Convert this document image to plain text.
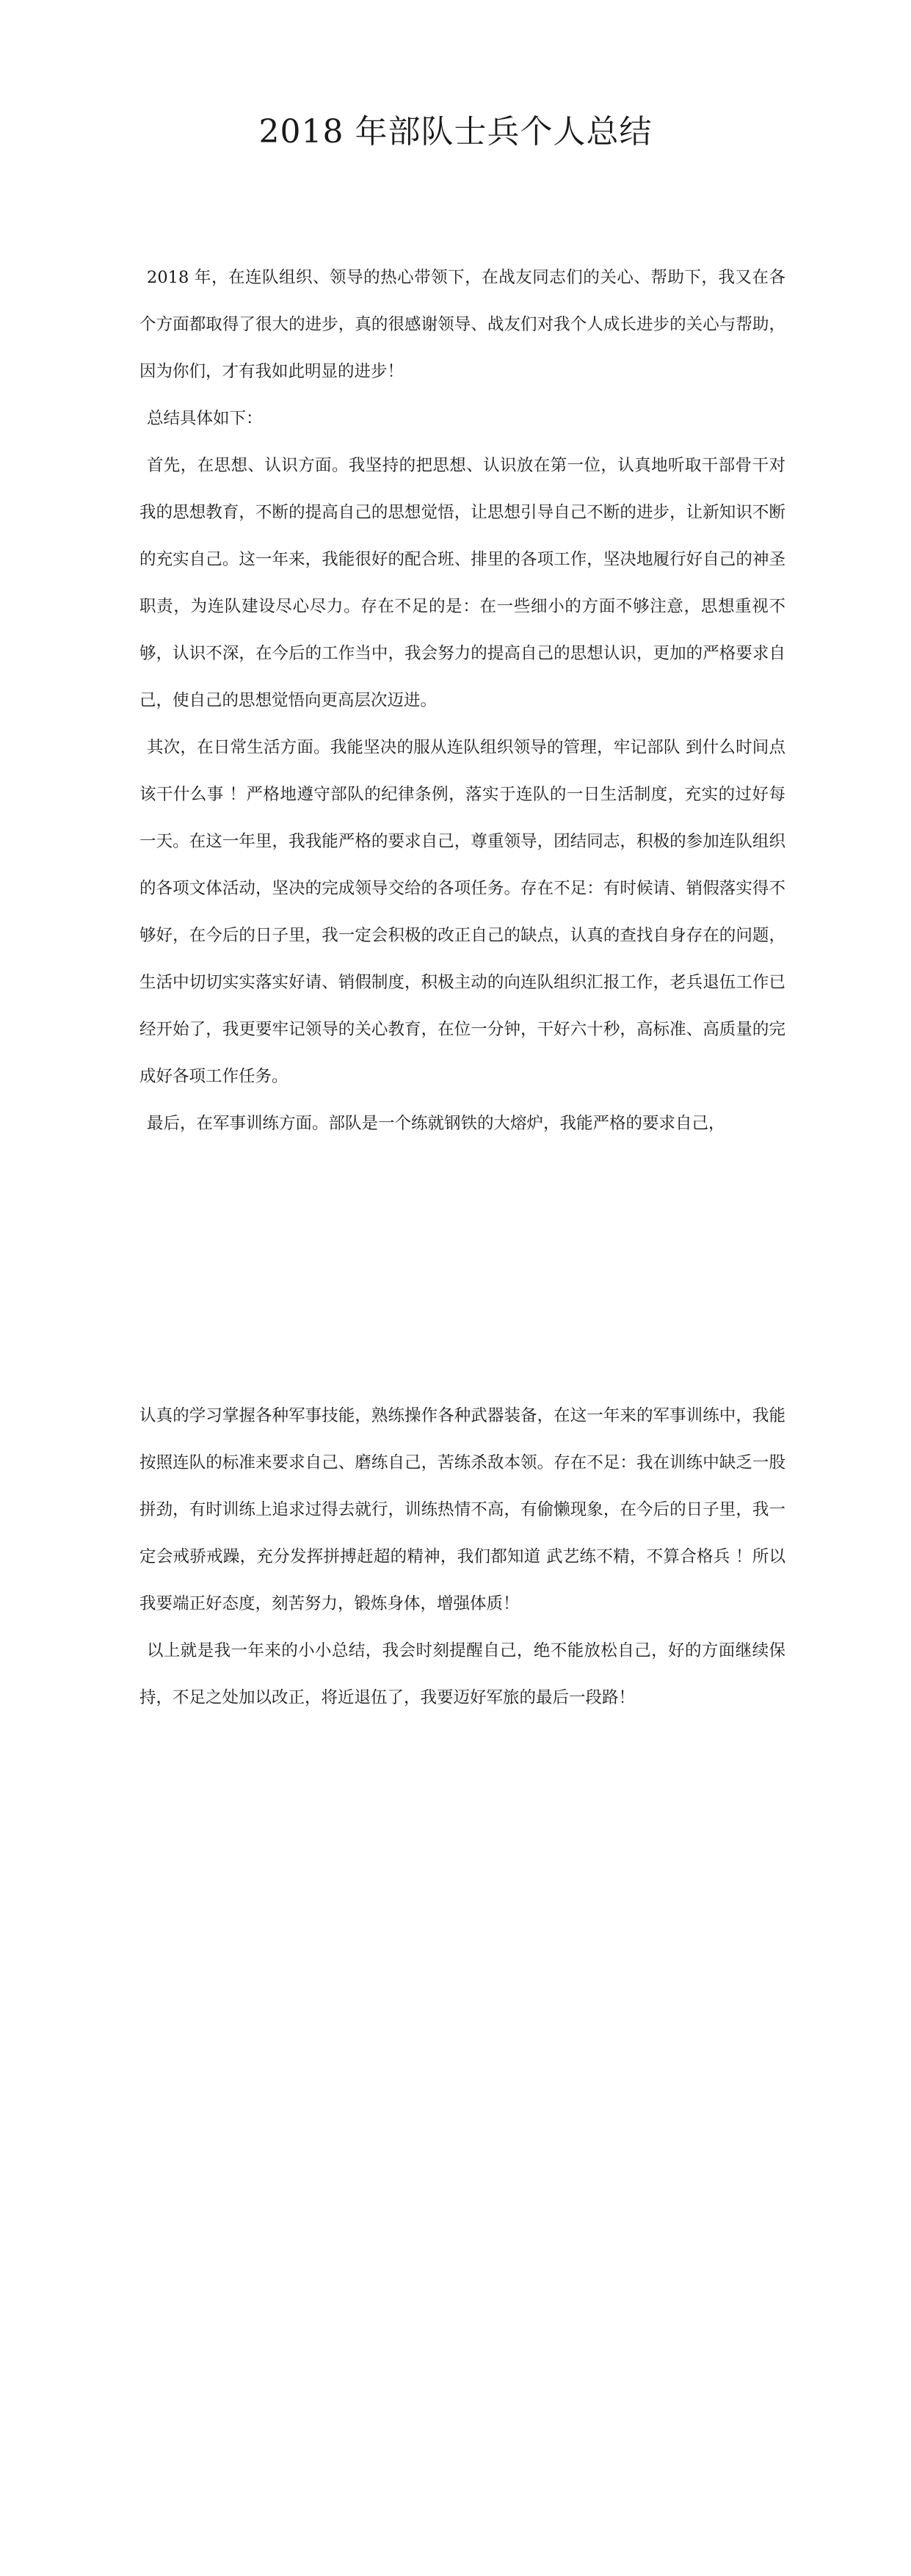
2018 年部队士兵个人总结

2018 年，在连队组织、领导的热心带领下，在战友同志们的关心、帮助下，我又在各个方面都取得了很大的进步，真的很感谢领导、战友们对我个人成长进步的关心与帮助，因为你们，才有我如此明显的进步！

总结具体如下：

首先，在思想、认识方面。我坚持的把思想、认识放在第一位，认真地听取干部骨干对我的思想教育，不断的提高自己的思想觉悟，让思想引导自己不断的进步，让新知识不断的充实自己。这一年来，我能很好的配合班、排里的各项工作，坚决地履行好自己的神圣职责，为连队建设尽心尽力。存在不足的是：在一些细小的方面不够注意，思想重视不够，认识不深，在今后的工作当中，我会努力的提高自己的思想认识，更加的严格要求自己，使自己的思想觉悟向更高层次迈进。

其次，在日常生活方面。我能坚决的服从连队组织领导的管理，牢记部队 到什么时间点该干什么事 ！严格地遵守部队的纪律条例，落实于连队的一日生活制度，充实的过好每一天。在这一年里，我我能严格的要求自己，尊重领导，团结同志，积极的参加连队组织的各项文体活动，坚决的完成领导交给的各项任务。存在不足：有时候请、销假落实得不够好，在今后的日子里，我一定会积极的改正自己的缺点，认真的查找自身存在的问题，生活中切切实实落实好请、销假制度，积极主动的向连队组织汇报工作，老兵退伍工作已经开始了，我更要牢记领导的关心教育，在位一分钟，干好六十秒，高标准、高质量的完成好各项工作任务。

最后，在军事训练方面。部队是一个练就钢铁的大熔炉，我能严格的要求自己，

认真的学习掌握各种军事技能，熟练操作各种武器装备，在这一年来的军事训练中，我能按照连队的标准来要求自己、磨练自己，苦练杀敌本领。存在不足：我在训练中缺乏一股拼劲，有时训练上追求过得去就行，训练热情不高，有偷懒现象，在今后的日子里，我一定会戒骄戒躁，充分发挥拼搏赶超的精神，我们都知道 武艺练不精，不算合格兵 ！所以我要端正好态度，刻苦努力，锻炼身体，增强体质！

以上就是我一年来的小小总结，我会时刻提醒自己，绝不能放松自己，好的方面继续保持，不足之处加以改正，将近退伍了，我要迈好军旅的最后一段路！
